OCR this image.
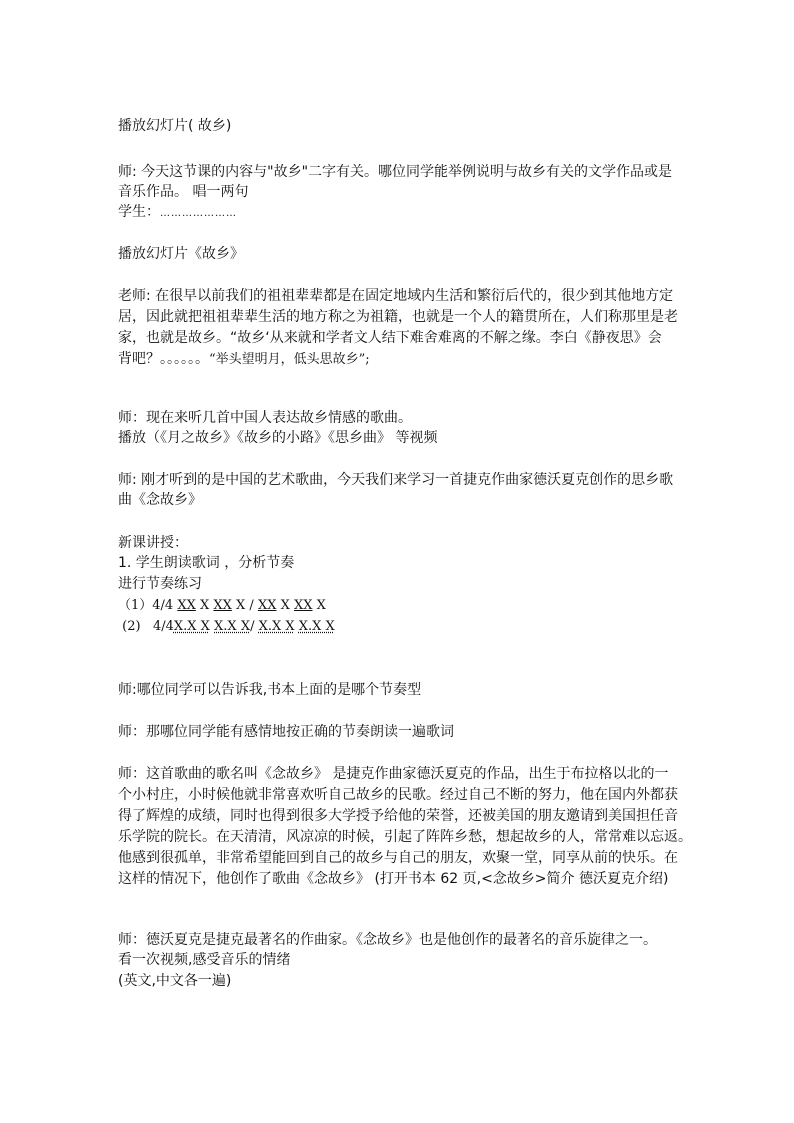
播放幻灯片( 故乡)
师: 今天这节课的内容与"故乡"二字有关。哪位同学能举例说明与故乡有关的文学作品或是
音乐作品。 唱一两句
学生：…………………
播放幻灯片《故乡》
老师: 在很早以前我们的祖祖辈辈都是在固定地域内生活和繁衍后代的，很少到其他地方定
居，因此就把祖祖辈辈生活的地方称之为祖籍，也就是一个人的籍贯所在，人们称那里是老
家，也就是故乡。“故乡‘从来就和学者文人结下难舍难离的不解之缘。李白《静夜思》会
背吧？。。。。。。“举头望明月，低头思故乡”;
师：现在来听几首中国人表达故乡情感的歌曲。
播放（《月之故乡》《故乡的小路》《思乡曲》 等视频
师: 刚才听到的是中国的艺术歌曲，今天我们来学习一首捷克作曲家德沃夏克创作的思乡歌
曲《念故乡》
新课讲授：
1. 学生朗读歌词 ，分析节奏
进行节奏练习
（1）4/4 XX X XX X / XX X XX X
(2)   4/4X.X X X.X X/ X.X X X.X X
师:哪位同学可以告诉我,书本上面的是哪个节奏型
师：那哪位同学能有感情地按正确的节奏朗读一遍歌词
师：这首歌曲的歌名叫《念故乡》 是捷克作曲家德沃夏克的作品，出生于布拉格以北的一
个小村庄，小时候他就非常喜欢听自己故乡的民歌。经过自己不断的努力，他在国内外都获
得了辉煌的成绩，同时也得到很多大学授予给他的荣誉，还被美国的朋友邀请到美国担任音
乐学院的院长。在天清清，风凉凉的时候，引起了阵阵乡愁，想起故乡的人，常常难以忘返。
他感到很孤单，非常希望能回到自己的故乡与自己的朋友，欢聚一堂，同享从前的快乐。在
这样的情况下，他创作了歌曲《念故乡》 (打开书本 62 页,<念故乡>简介 德沃夏克介绍)
师：德沃夏克是捷克最著名的作曲家。《念故乡》也是他创作的最著名的音乐旋律之一。
看一次视频,感受音乐的情绪
(英文,中文各一遍)
